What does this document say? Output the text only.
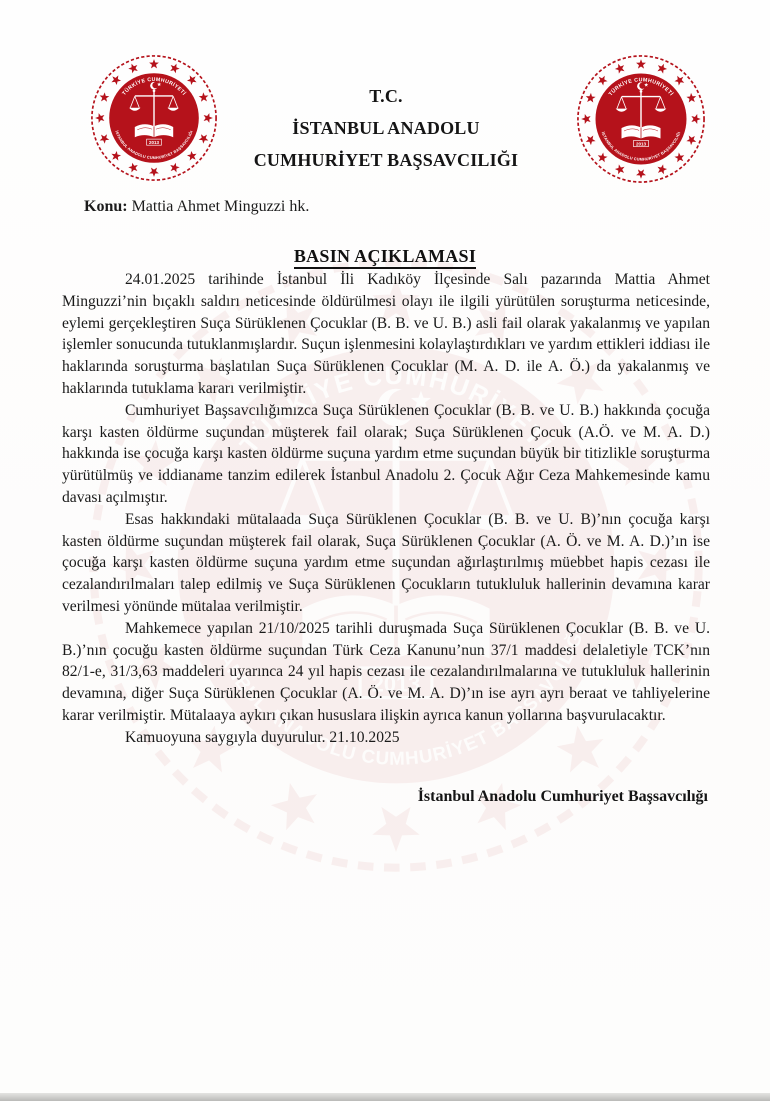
T.C.
İSTANBUL ANADOLU
CUMHURİYET BAŞSAVCILIĞI
Konu: Mattia Ahmet Minguzzi hk.
BASIN AÇIKLAMASI

24.01.2025 tarihinde İstanbul İli Kadıköy İlçesinde Salı pazarında Mattia Ahmet Minguzzi’nin bıçaklı saldırı neticesinde öldürülmesi olayı ile ilgili yürütülen soruşturma neticesinde, eylemi gerçekleştiren Suça Sürüklenen Çocuklar (B. B. ve U. B.) asli fail olarak yakalanmış ve yapılan işlemler sonucunda tutuklanmışlardır. Suçun işlenmesini kolaylaştırdıkları ve yardım ettikleri iddiası ile haklarında soruşturma başlatılan Suça Sürüklenen Çocuklar (M. A. D. ile A. Ö.) da yakalanmış ve haklarında tutuklama kararı verilmiştir.

Cumhuriyet Başsavcılığımızca Suça Sürüklenen Çocuklar (B. B. ve U. B.) hakkında çocuğa karşı kasten öldürme suçundan müşterek fail olarak; Suça Sürüklenen Çocuk (A.Ö. ve M. A. D.) hakkında ise çocuğa karşı kasten öldürme suçuna yardım etme suçundan büyük bir titizlikle soruşturma yürütülmüş ve iddianame tanzim edilerek İstanbul Anadolu 2. Çocuk Ağır Ceza Mahkemesinde kamu davası açılmıştır.

Esas hakkındaki mütalaada Suça Sürüklenen Çocuklar (B. B. ve U. B)’nın çocuğa karşı kasten öldürme suçundan müşterek fail olarak, Suça Sürüklenen Çocuklar (A. Ö. ve M. A. D.)’ın ise çocuğa karşı kasten öldürme suçuna yardım etme suçundan ağırlaştırılmış müebbet hapis cezası ile cezalandırılmaları talep edilmiş ve Suça Sürüklenen Çocukların tutukluluk hallerinin devamına karar verilmesi yönünde mütalaa verilmiştir.

Mahkemece yapılan 21/10/2025 tarihli duruşmada Suça Sürüklenen Çocuklar (B. B. ve U. B.)’nın çocuğu kasten öldürme suçundan Türk Ceza Kanunu’nun 37/1 maddesi delaletiyle TCK’nın 82/1-e, 31/3,63 maddeleri uyarınca 24 yıl hapis cezası ile cezalandırılmalarına ve tutukluluk hallerinin devamına, diğer Suça Sürüklenen Çocuklar (A. Ö. ve M. A. D)’ın ise ayrı ayrı beraat ve tahliyelerine karar verilmiştir. Mütalaaya aykırı çıkan hususlara ilişkin ayrıca kanun yollarına başvurulacaktır.

Kamuoyuna saygıyla duyurulur. 21.10.2025

İstanbul Anadolu Cumhuriyet Başsavcılığı
